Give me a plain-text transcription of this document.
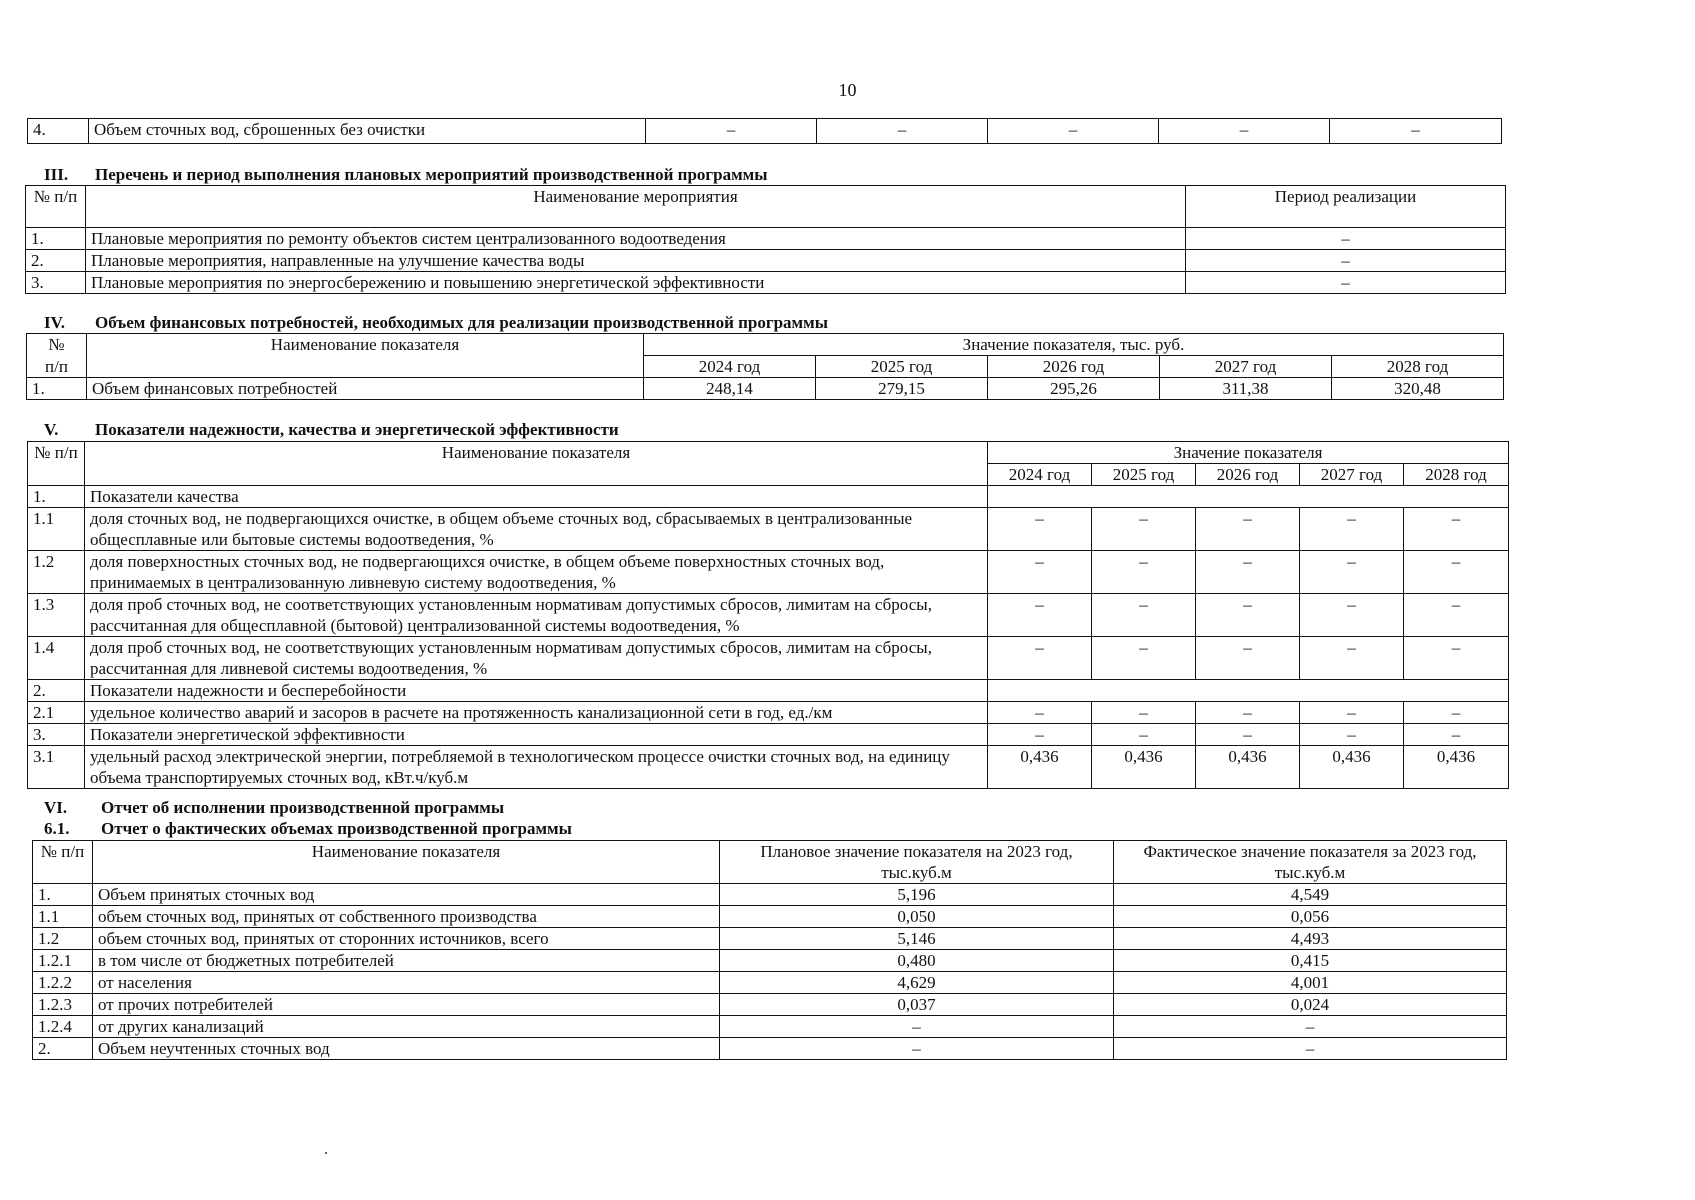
10
4.	Объем сточных вод, сброшенных без очистки	–	–	–	–	–
III. Перечень и период выполнения плановых мероприятий производственной программы
№ п/п	Наименование мероприятия	Период реализации
1.	Плановые мероприятия по ремонту объектов систем централизованного водоотведения	–
2.	Плановые мероприятия, направленные на улучшение качества воды	–
3.	Плановые мероприятия по энергосбережению и повышению энергетической эффективности	–
IV. Объем финансовых потребностей, необходимых для реализации производственной программы
№	Наименование показателя	Значение показателя, тыс. руб.				
п/п		2024 год	2025 год	2026 год	2027 год	2028 год
1.	Объем финансовых потребностей	248,14	279,15	295,26	311,38	320,48
V. Показатели надежности, качества и энергетической эффективности
№ п/п	Наименование показателя	Значение показателя				
		2024 год	2025 год	2026 год	2027 год	2028 год
1.	Показатели качества					
1.1	доля сточных вод, не подвергающихся очистке, в общем объеме сточных вод, сбрасываемых в централизованные общесплавные или бытовые системы водоотведения, %	–	–	–	–	–
1.2	доля поверхностных сточных вод, не подвергающихся очистке, в общем объеме поверхностных сточных вод, принимаемых в централизованную ливневую систему водоотведения, %	–	–	–	–	–
1.3	доля проб сточных вод, не соответствующих установленным нормативам допустимых сбросов, лимитам на сбросы, рассчитанная для общесплавной (бытовой) централизованной системы водоотведения, %	–	–	–	–	–
1.4	доля проб сточных вод, не соответствующих установленным нормативам допустимых сбросов, лимитам на сбросы, рассчитанная для ливневой системы водоотведения, %	–	–	–	–	–
2.	Показатели надежности и бесперебойности					
2.1	удельное количество аварий и засоров в расчете на протяженность канализационной сети в год, ед./км	–	–	–	–	–
3.	Показатели энергетической эффективности	–	–	–	–	–
3.1	удельный расход электрической энергии, потребляемой в технологическом процессе очистки сточных вод, на единицу объема транспортируемых сточных вод, кВт.ч/куб.м	0,436	0,436	0,436	0,436	0,436
VI. Отчет об исполнении производственной программы
6.1. Отчет о фактических объемах производственной программы
№ п/п	Наименование показателя	Плановое значение показателя на 2023 год, тыс.куб.м	Фактическое значение показателя за 2023 год, тыс.куб.м
1.	Объем принятых сточных вод	5,196	4,549
1.1	объем сточных вод, принятых от собственного производства	0,050	0,056
1.2	объем сточных вод, принятых от сторонних источников, всего	5,146	4,493
1.2.1	в том числе от бюджетных потребителей	0,480	0,415
1.2.2	от населения	4,629	4,001
1.2.3	от прочих потребителей	0,037	0,024
1.2.4	от других канализаций	–	–
2.	Объем неучтенных сточных вод	–	–
